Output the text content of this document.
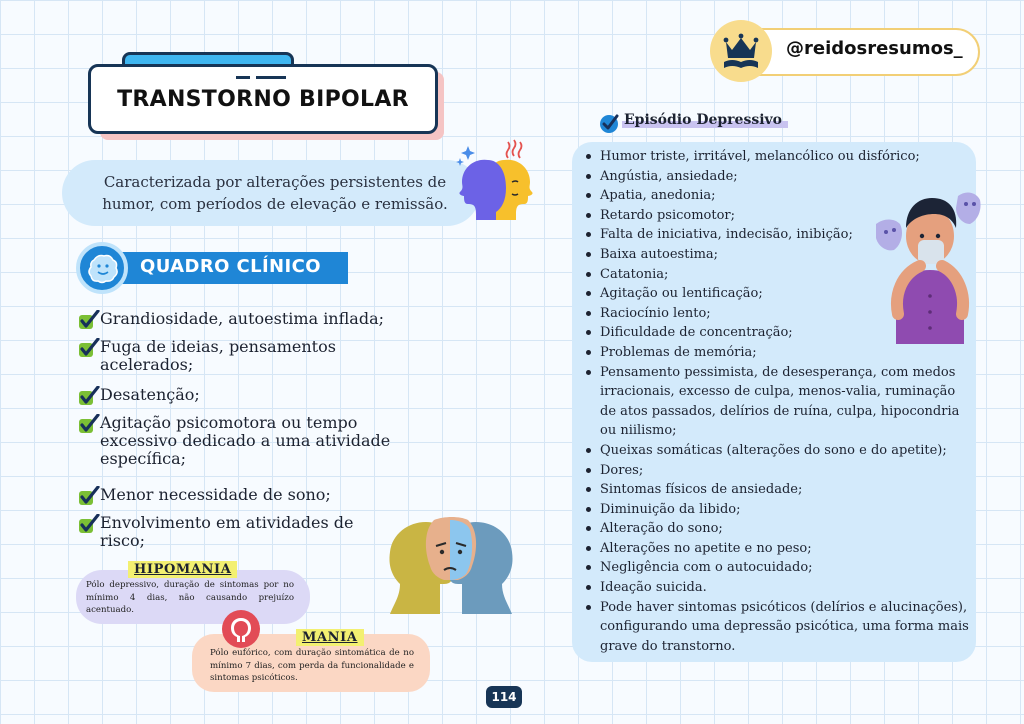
TRANSTORNO BIPOLAR
Caracterizada por alterações persistentes de
humor, com períodos de elevação e remissão.
QUADRO CLÍNICO
Grandiosidade, autoestima inflada;
Fuga de ideias, pensamentos acelerados;
Desatenção;
Agitação psicomotora ou tempo excessivo dedicado a uma atividade específica;
Menor necessidade de sono;
Envolvimento em atividades de risco;
Pólo depressivo, duração de sintomas por no mínimo 4 dias, não causando prejuízo acentuado.
HIPOMANIA
Pólo eufórico, com duração sintomática de no mínimo 7 dias, com perda da funcionalidade e sintomas psicóticos.
MANIA
114
@reidosresumos_
Episódio Depressivo
Humor triste, irritável, melancólico ou disfórico;
Angústia, ansiedade;
Apatia, anedonia;
Retardo psicomotor;
Falta de iniciativa, indecisão, inibição;
Baixa autoestima;
Catatonia;
Agitação ou lentificação;
Raciocínio lento;
Dificuldade de concentração;
Problemas de memória;
Pensamento pessimista, de desesperança, com medos irracionais, excesso de culpa, menos-valia, ruminação de atos passados, delírios de ruína, culpa, hipocondria ou niilismo;
Queixas somáticas (alterações do sono e do apetite);
Dores;
Sintomas físicos de ansiedade;
Diminuição da libido;
Alteração do sono;
Alterações no apetite e no peso;
Negligência com o autocuidado;
Ideação suicida.
Pode haver sintomas psicóticos (delírios e alucinações), configurando uma depressão psicótica, uma forma mais grave do transtorno.
